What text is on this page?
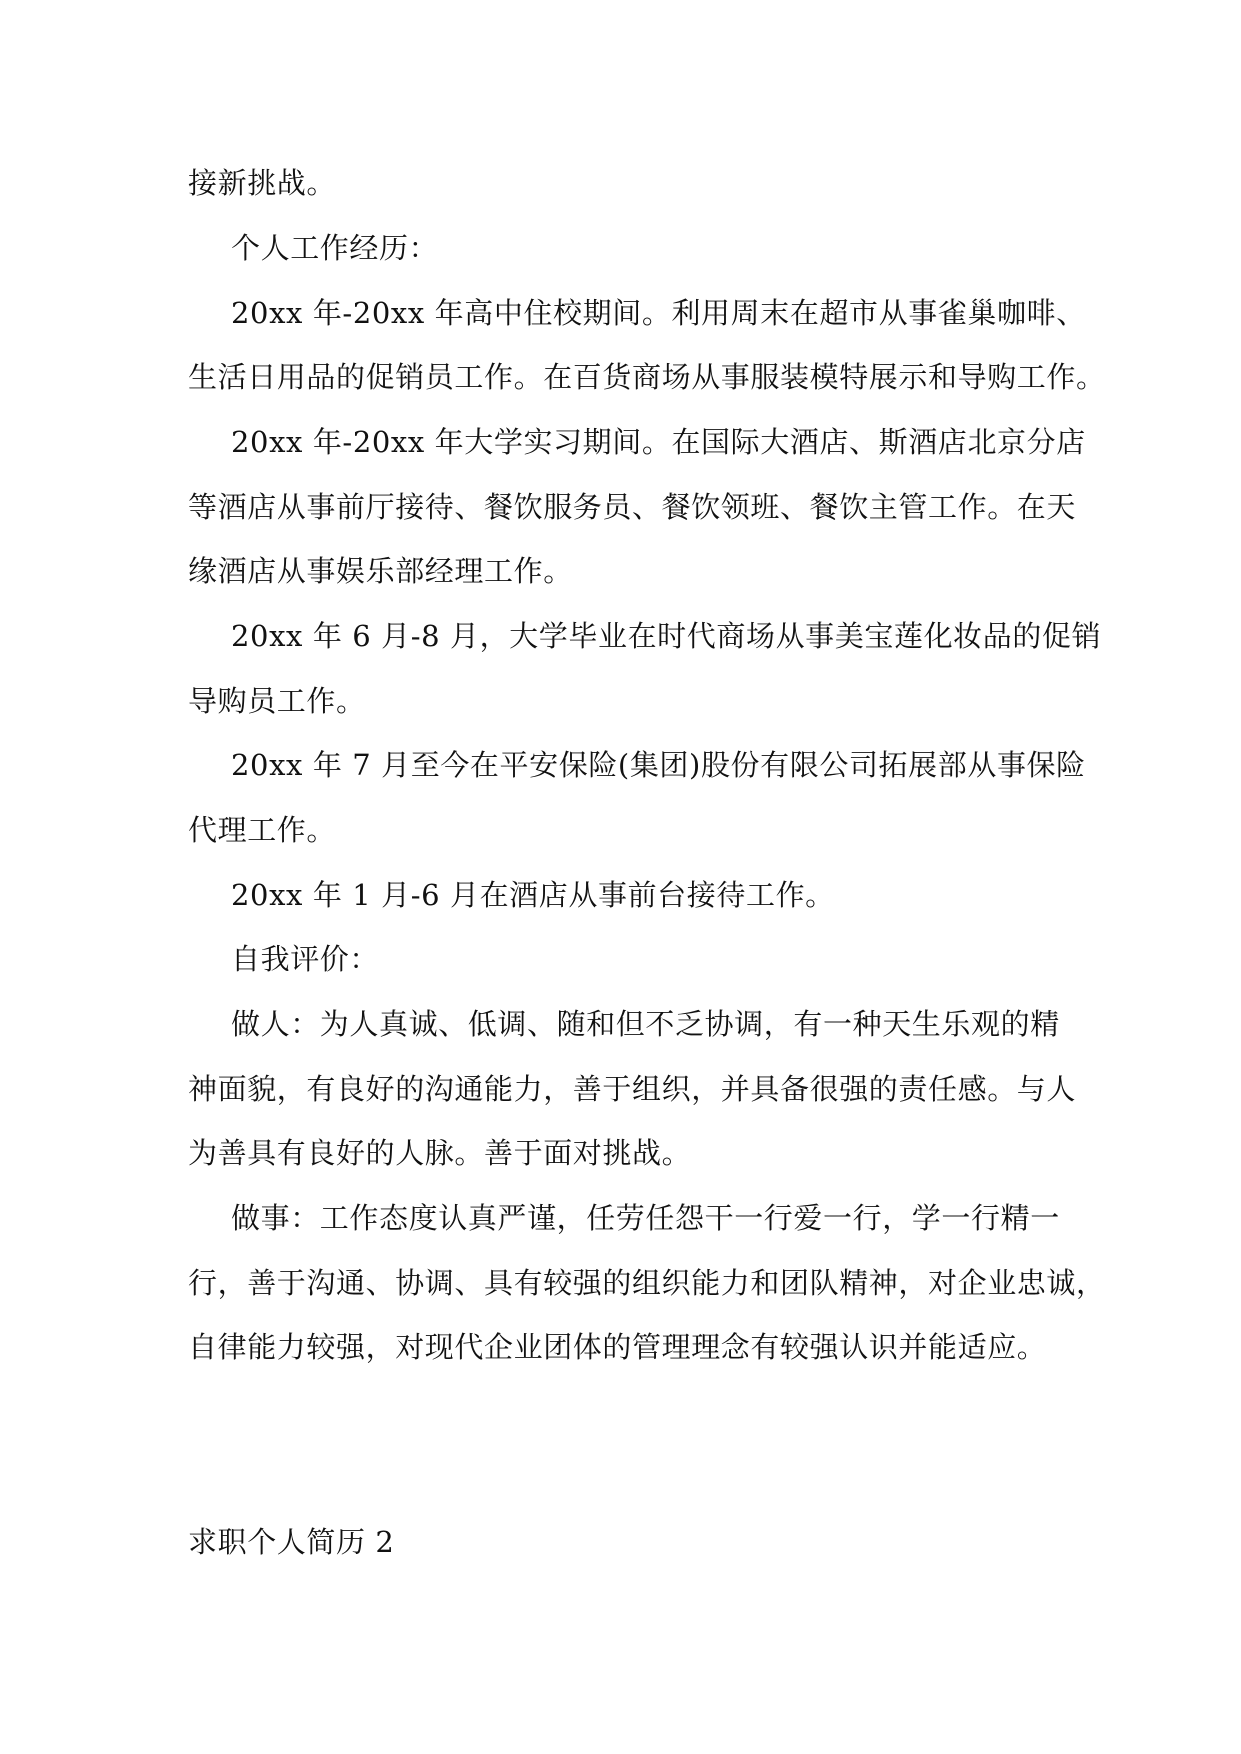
接新挑战。
个人工作经历：
20xx 年-20xx 年高中住校期间。利用周末在超市从事雀巢咖啡、
生活日用品的促销员工作。在百货商场从事服装模特展示和导购工作。
20xx 年-20xx 年大学实习期间。在国际大酒店、斯酒店北京分店
等酒店从事前厅接待、餐饮服务员、餐饮领班、餐饮主管工作。在天
缘酒店从事娱乐部经理工作。
20xx 年 6 月-8 月，大学毕业在时代商场从事美宝莲化妆品的促销
导购员工作。
20xx 年 7 月至今在平安保险(集团)股份有限公司拓展部从事保险
代理工作。
20xx 年 1 月-6 月在酒店从事前台接待工作。
自我评价：
做人：为人真诚、低调、随和但不乏协调，有一种天生乐观的精
神面貌，有良好的沟通能力，善于组织，并具备很强的责任感。与人
为善具有良好的人脉。善于面对挑战。
做事：工作态度认真严谨，任劳任怨干一行爱一行，学一行精一
行，善于沟通、协调、具有较强的组织能力和团队精神，对企业忠诚，
自律能力较强，对现代企业团体的管理理念有较强认识并能适应。
求职个人简历 2
